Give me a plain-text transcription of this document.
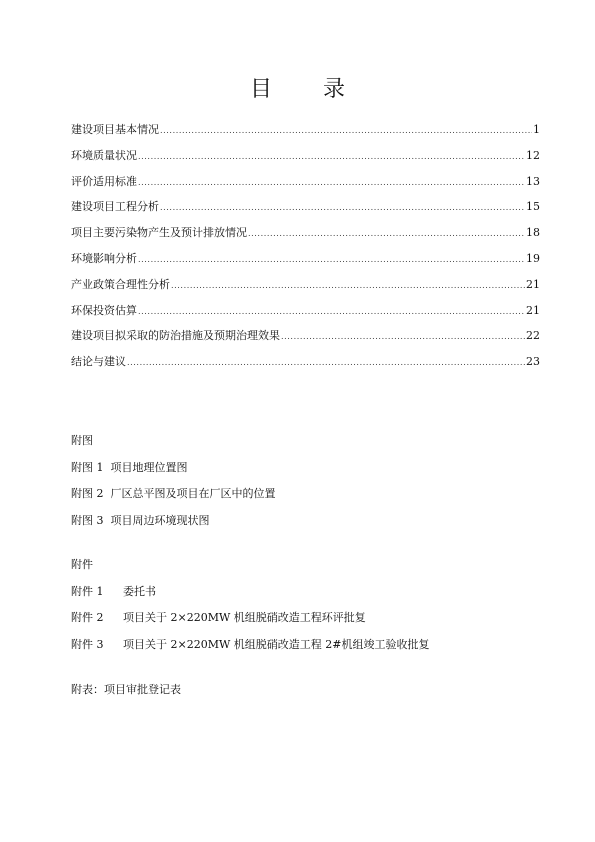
目 录
建设项目基本情况 .....	1
环境质量状况 .....	12
评价适用标准 .....	13
建设项目工程分析 .....	15
项目主要污染物产生及预计排放情况 .....	18
环境影响分析 .....	19
产业政策合理性分析 .....	21
环保投资估算 .....	21
建设项目拟采取的防治措施及预期治理效果 .....	22
结论与建议 .....	23
附图
附图 1  项目地理位置图
附图 2  厂区总平图及项目在厂区中的位置
附图 3  项目周边环境现状图
附件
附件 1	委托书
附件 2	项目关于 2×220MW 机组脱硝改造工程环评批复
附件 3	项目关于 2×220MW 机组脱硝改造工程 2#机组竣工验收批复
附表：项目审批登记表
